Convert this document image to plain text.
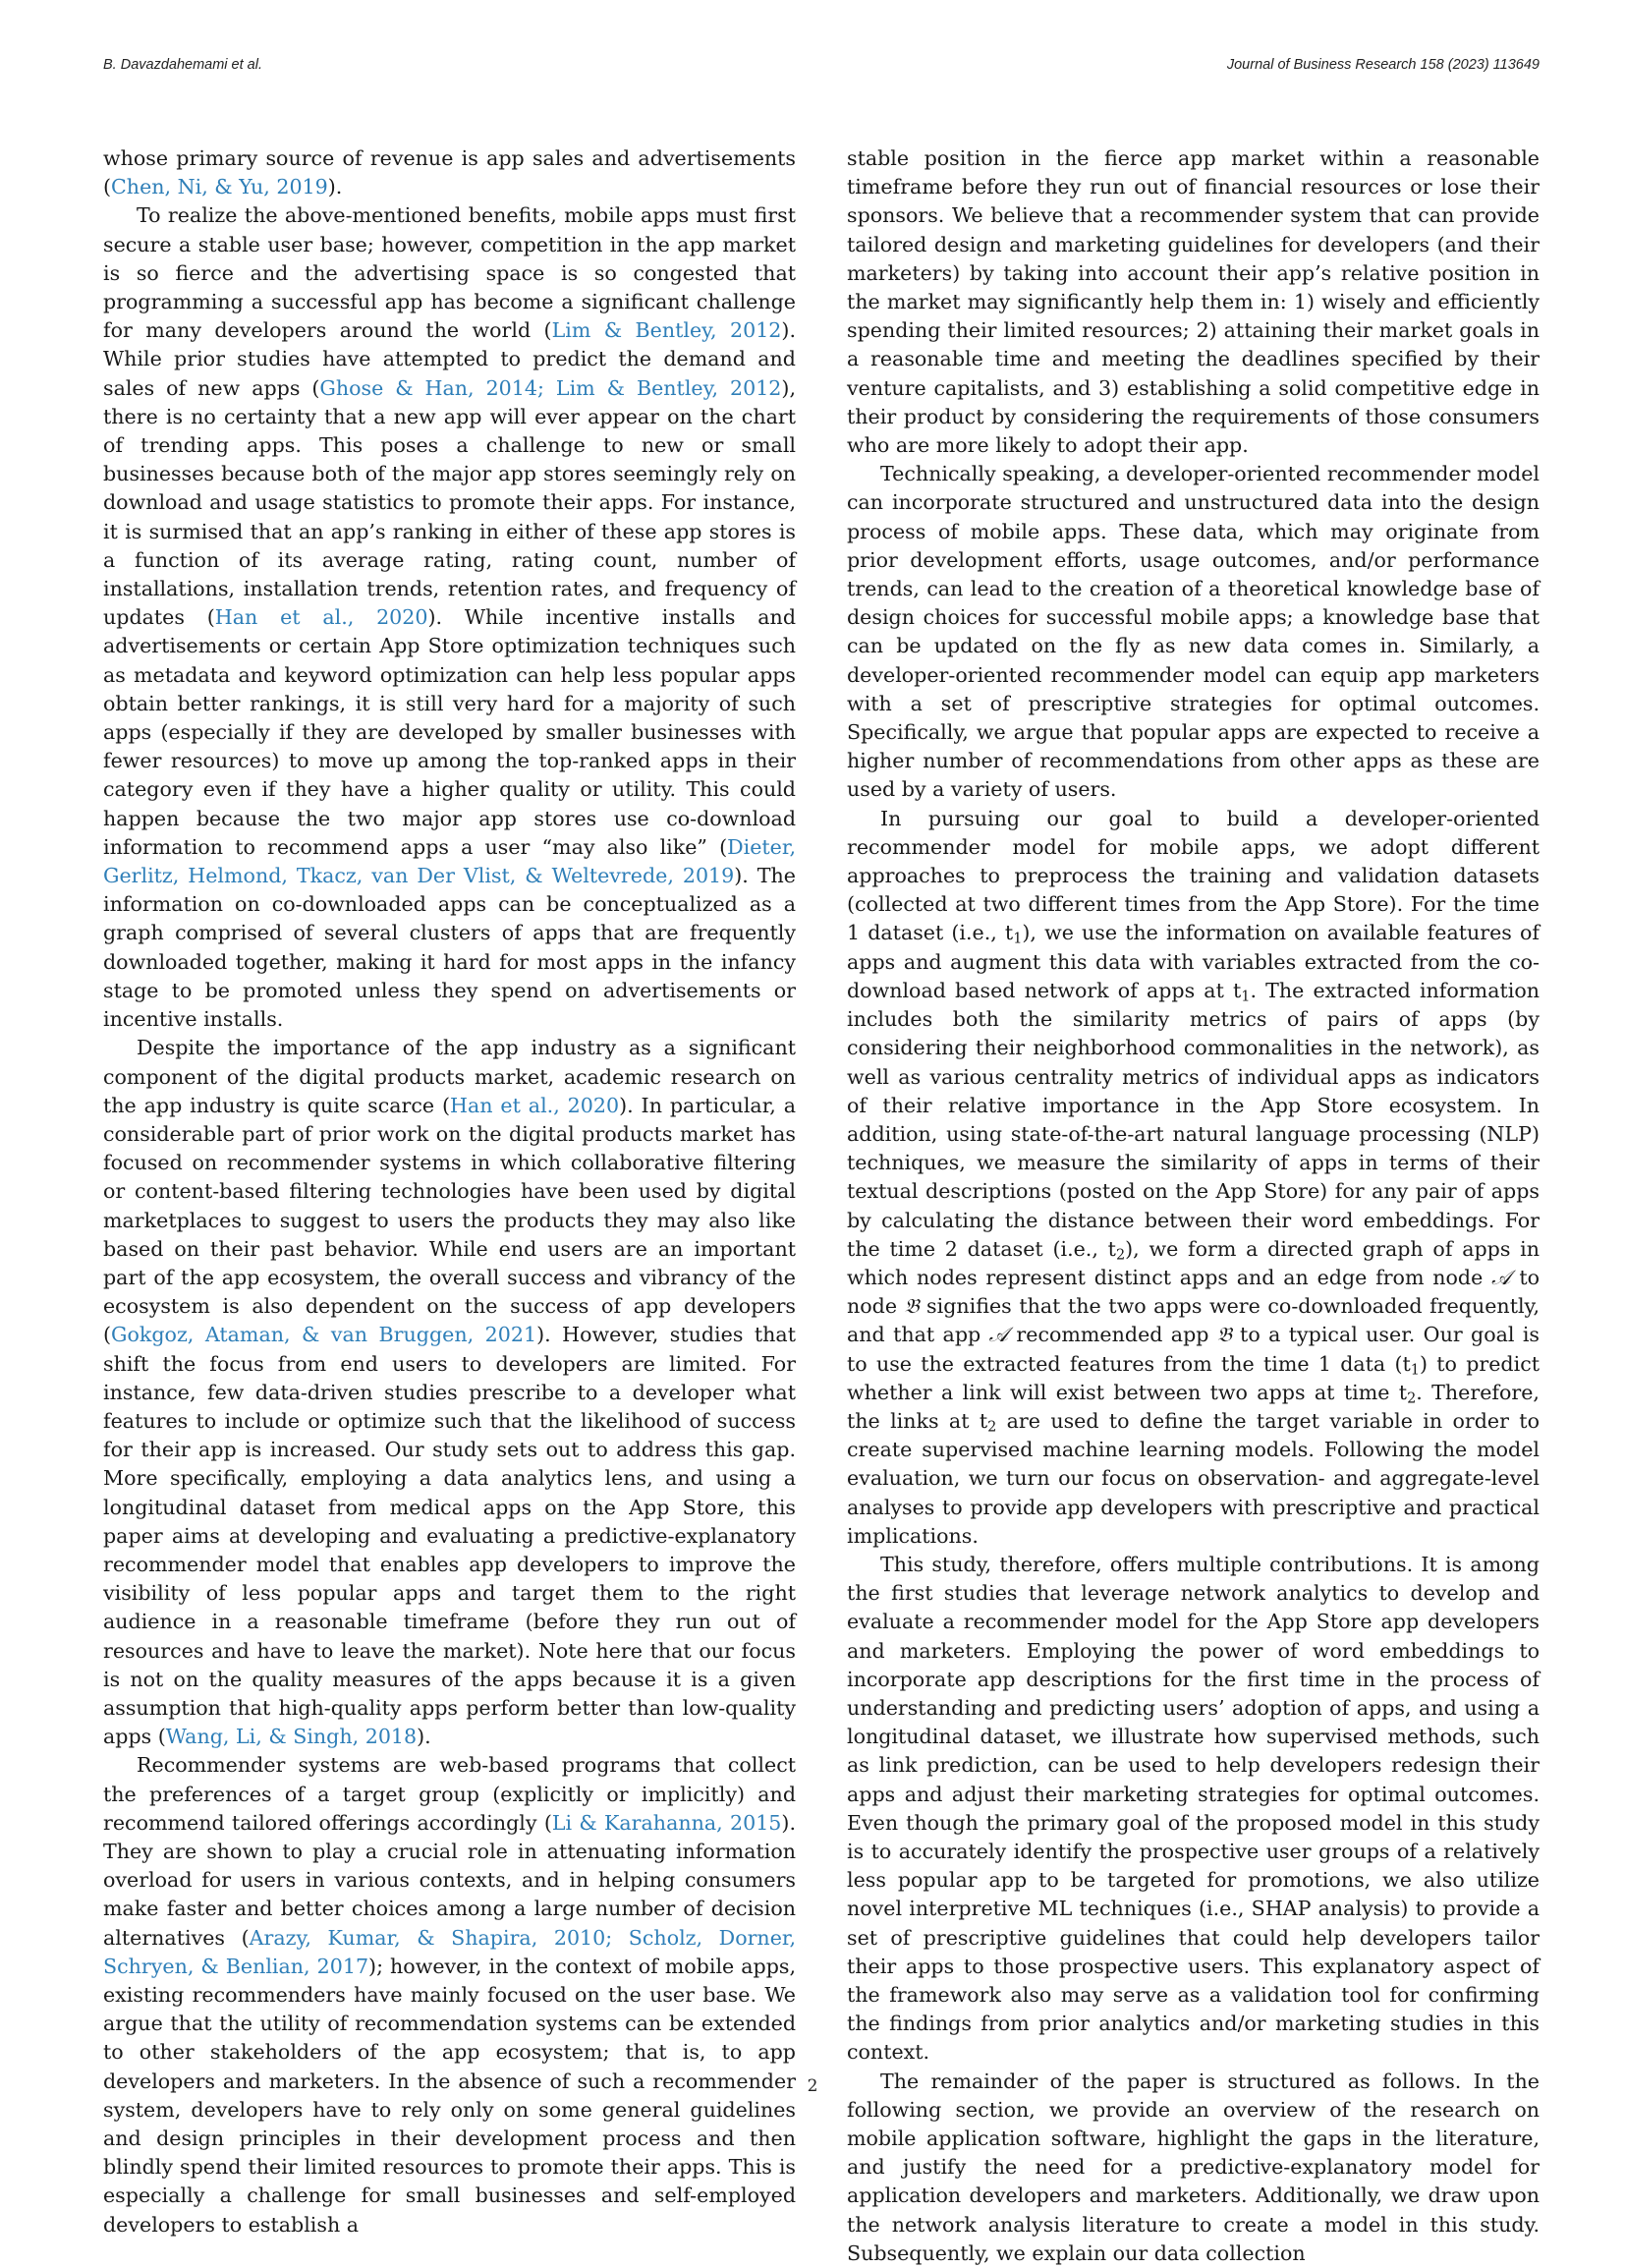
B. Davazdahemami et al.	Journal of Business Research 158 (2023) 113649

whose primary source of revenue is app sales and advertisements (Chen, Ni, & Yu, 2019).

To realize the above-mentioned benefits, mobile apps must first secure a stable user base; however, competition in the app market is so fierce and the advertising space is so congested that programming a successful app has become a significant challenge for many developers around the world (Lim & Bentley, 2012). While prior studies have attempted to predict the demand and sales of new apps (Ghose & Han, 2014; Lim & Bentley, 2012), there is no certainty that a new app will ever appear on the chart of trending apps. This poses a challenge to new or small businesses because both of the major app stores seemingly rely on download and usage statistics to promote their apps. For instance, it is surmised that an app’s ranking in either of these app stores is a function of its average rating, rating count, number of installations, installation trends, retention rates, and frequency of updates (Han et al., 2020). While incentive installs and advertisements or certain App Store optimization techniques such as metadata and keyword optimization can help less popular apps obtain better rankings, it is still very hard for a majority of such apps (especially if they are developed by smaller businesses with fewer resources) to move up among the top-ranked apps in their category even if they have a higher quality or utility. This could happen because the two major app stores use co-download information to recommend apps a user “may also like” (Dieter, Gerlitz, Helmond, Tkacz, van Der Vlist, & Weltevrede, 2019). The information on co-downloaded apps can be conceptualized as a graph comprised of several clusters of apps that are frequently downloaded together, making it hard for most apps in the infancy stage to be promoted unless they spend on advertisements or incentive installs.

Despite the importance of the app industry as a significant component of the digital products market, academic research on the app industry is quite scarce (Han et al., 2020). In particular, a considerable part of prior work on the digital products market has focused on recommender systems in which collaborative filtering or content-based filtering technologies have been used by digital marketplaces to suggest to users the products they may also like based on their past behavior. While end users are an important part of the app ecosystem, the overall success and vibrancy of the ecosystem is also dependent on the success of app developers (Gokgoz, Ataman, & van Bruggen, 2021). However, studies that shift the focus from end users to developers are limited. For instance, few data-driven studies prescribe to a developer what features to include or optimize such that the likelihood of success for their app is increased. Our study sets out to address this gap. More specifically, employing a data analytics lens, and using a longitudinal dataset from medical apps on the App Store, this paper aims at developing and evaluating a predictive-explanatory recommender model that enables app developers to improve the visibility of less popular apps and target them to the right audience in a reasonable timeframe (before they run out of resources and have to leave the market). Note here that our focus is not on the quality measures of the apps because it is a given assumption that high-quality apps perform better than low-quality apps (Wang, Li, & Singh, 2018).

Recommender systems are web-based programs that collect the preferences of a target group (explicitly or implicitly) and recommend tailored offerings accordingly (Li & Karahanna, 2015). They are shown to play a crucial role in attenuating information overload for users in various contexts, and in helping consumers make faster and better choices among a large number of decision alternatives (Arazy, Kumar, & Shapira, 2010; Scholz, Dorner, Schryen, & Benlian, 2017); however, in the context of mobile apps, existing recommenders have mainly focused on the user base. We argue that the utility of recommendation systems can be extended to other stakeholders of the app ecosystem; that is, to app developers and marketers. In the absence of such a recommender system, developers have to rely only on some general guidelines and design principles in their development process and then blindly spend their limited resources to promote their apps. This is especially a challenge for small businesses and self-employed developers to establish a

stable position in the fierce app market within a reasonable timeframe before they run out of financial resources or lose their sponsors. We believe that a recommender system that can provide tailored design and marketing guidelines for developers (and their marketers) by taking into account their app’s relative position in the market may significantly help them in: 1) wisely and efficiently spending their limited resources; 2) attaining their market goals in a reasonable time and meeting the deadlines specified by their venture capitalists, and 3) establishing a solid competitive edge in their product by considering the requirements of those consumers who are more likely to adopt their app.

Technically speaking, a developer-oriented recommender model can incorporate structured and unstructured data into the design process of mobile apps. These data, which may originate from prior development efforts, usage outcomes, and/or performance trends, can lead to the creation of a theoretical knowledge base of design choices for successful mobile apps; a knowledge base that can be updated on the fly as new data comes in. Similarly, a developer-oriented recommender model can equip app marketers with a set of prescriptive strategies for optimal outcomes. Specifically, we argue that popular apps are expected to receive a higher number of recommendations from other apps as these are used by a variety of users.

In pursuing our goal to build a developer-oriented recommender model for mobile apps, we adopt different approaches to preprocess the training and validation datasets (collected at two different times from the App Store). For the time 1 dataset (i.e., $t_1$), we use the information on available features of apps and augment this data with variables extracted from the co-download based network of apps at $t_1$. The extracted information includes both the similarity metrics of pairs of apps (by considering their neighborhood commonalities in the network), as well as various centrality metrics of individual apps as indicators of their relative importance in the App Store ecosystem. In addition, using state-of-the-art natural language processing (NLP) techniques, we measure the similarity of apps in terms of their textual descriptions (posted on the App Store) for any pair of apps by calculating the distance between their word embeddings. For the time 2 dataset (i.e., $t_2$), we form a directed graph of apps in which nodes represent distinct apps and an edge from node 𝒜 to node 𝔅 signifies that the two apps were co-downloaded frequently, and that app 𝒜 recommended app 𝔅 to a typical user. Our goal is to use the extracted features from the time 1 data $(t_1)$ to predict whether a link will exist between two apps at time $t_2$. Therefore, the links at $t_2$ are used to define the target variable in order to create supervised machine learning models. Following the model evaluation, we turn our focus on observation- and aggregate-level analyses to provide app developers with prescriptive and practical implications.

This study, therefore, offers multiple contributions. It is among the first studies that leverage network analytics to develop and evaluate a recommender model for the App Store app developers and marketers. Employing the power of word embeddings to incorporate app descriptions for the first time in the process of understanding and predicting users’ adoption of apps, and using a longitudinal dataset, we illustrate how supervised methods, such as link prediction, can be used to help developers redesign their apps and adjust their marketing strategies for optimal outcomes. Even though the primary goal of the proposed model in this study is to accurately identify the prospective user groups of a relatively less popular app to be targeted for promotions, we also utilize novel interpretive ML techniques (i.e., SHAP analysis) to provide a set of prescriptive guidelines that could help developers tailor their apps to those prospective users. This explanatory aspect of the framework also may serve as a validation tool for confirming the findings from prior analytics and/or marketing studies in this context.

The remainder of the paper is structured as follows. In the following section, we provide an overview of the research on mobile application software, highlight the gaps in the literature, and justify the need for a predictive-explanatory model for application developers and marketers. Additionally, we draw upon the network analysis literature to create a model in this study. Subsequently, we explain our data collection

2
